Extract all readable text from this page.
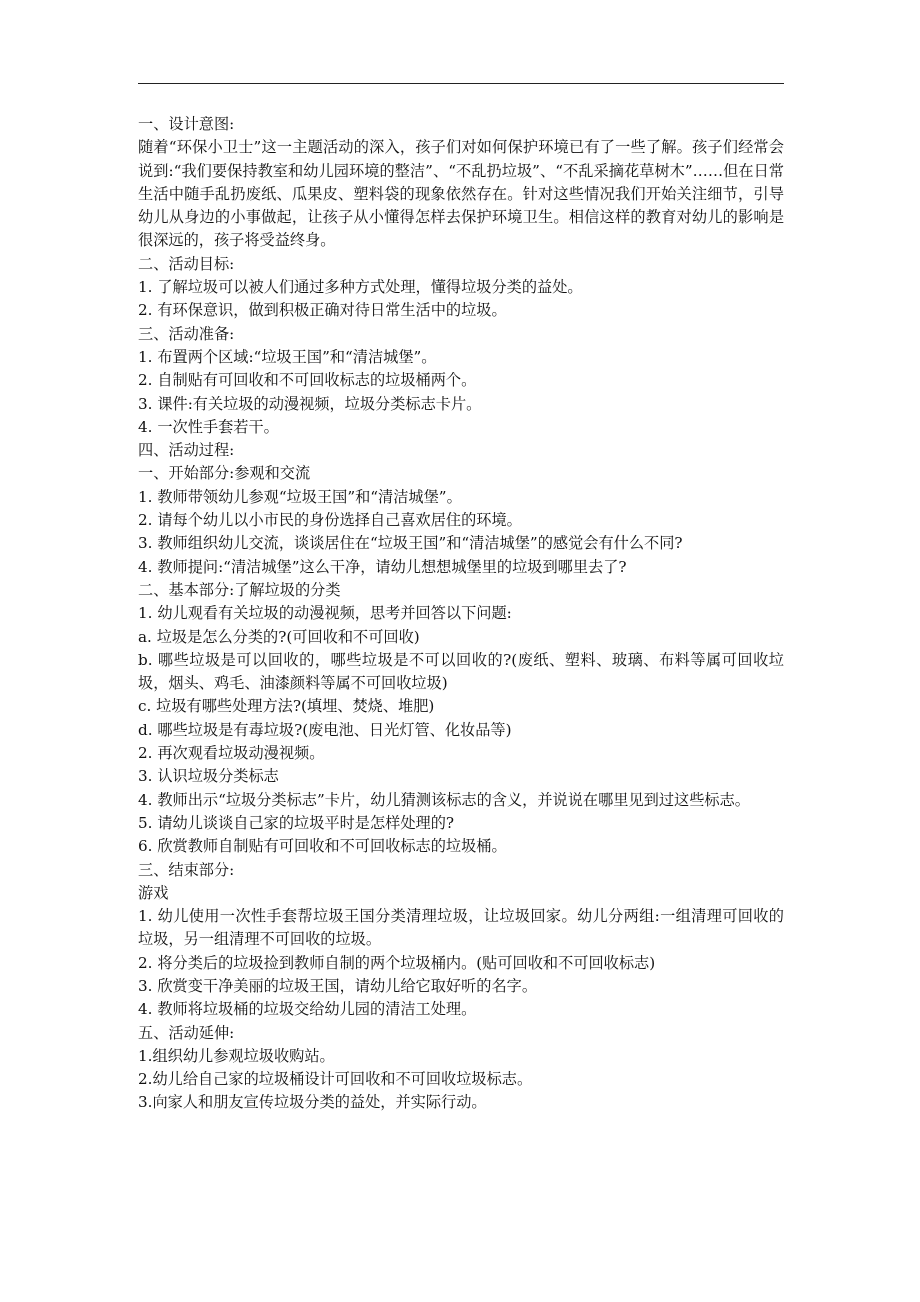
一、设计意图:

随着“环保小卫士”这一主题活动的深入，孩子们对如何保护环境已有了一些了解。孩子们经常会说到:“我们要保持教室和幼儿园环境的整洁”、“不乱扔垃圾”、“不乱采摘花草树木”……但在日常生活中随手乱扔废纸、瓜果皮、塑料袋的现象依然存在。针对这些情况我们开始关注细节，引导幼儿从身边的小事做起，让孩子从小懂得怎样去保护环境卫生。相信这样的教育对幼儿的影响是很深远的，孩子将受益终身。

二、活动目标:

1. 了解垃圾可以被人们通过多种方式处理，懂得垃圾分类的益处。

2. 有环保意识，做到积极正确对待日常生活中的垃圾。

三、活动准备:

1. 布置两个区域:“垃圾王国”和“清洁城堡”。

2. 自制贴有可回收和不可回收标志的垃圾桶两个。

3. 课件:有关垃圾的动漫视频，垃圾分类标志卡片。

4. 一次性手套若干。

四、活动过程:

一、开始部分:参观和交流

1. 教师带领幼儿参观“垃圾王国”和“清洁城堡”。

2. 请每个幼儿以小市民的身份选择自己喜欢居住的环境。

3. 教师组织幼儿交流，谈谈居住在“垃圾王国”和“清洁城堡”的感觉会有什么不同?

4. 教师提问:“清洁城堡”这么干净，请幼儿想想城堡里的垃圾到哪里去了?

二、基本部分:了解垃圾的分类

1. 幼儿观看有关垃圾的动漫视频，思考并回答以下问题:

a. 垃圾是怎么分类的?(可回收和不可回收)

b. 哪些垃圾是可以回收的，哪些垃圾是不可以回收的?(废纸、塑料、玻璃、布料等属可回收垃圾，烟头、鸡毛、油漆颜料等属不可回收垃圾)

c. 垃圾有哪些处理方法?(填埋、焚烧、堆肥)

d. 哪些垃圾是有毒垃圾?(废电池、日光灯管、化妆品等)

2. 再次观看垃圾动漫视频。

3. 认识垃圾分类标志

4. 教师出示“垃圾分类标志”卡片，幼儿猜测该标志的含义，并说说在哪里见到过这些标志。

5. 请幼儿谈谈自己家的垃圾平时是怎样处理的?

6. 欣赏教师自制贴有可回收和不可回收标志的垃圾桶。

三、结束部分:

游戏

1. 幼儿使用一次性手套帮垃圾王国分类清理垃圾，让垃圾回家。幼儿分两组:一组清理可回收的垃圾，另一组清理不可回收的垃圾。

2. 将分类后的垃圾捡到教师自制的两个垃圾桶内。(贴可回收和不可回收标志)

3. 欣赏变干净美丽的垃圾王国，请幼儿给它取好听的名字。

4. 教师将垃圾桶的垃圾交给幼儿园的清洁工处理。

五、活动延伸:

1.组织幼儿参观垃圾收购站。

2.幼儿给自己家的垃圾桶设计可回收和不可回收垃圾标志。

3.向家人和朋友宣传垃圾分类的益处，并实际行动。
